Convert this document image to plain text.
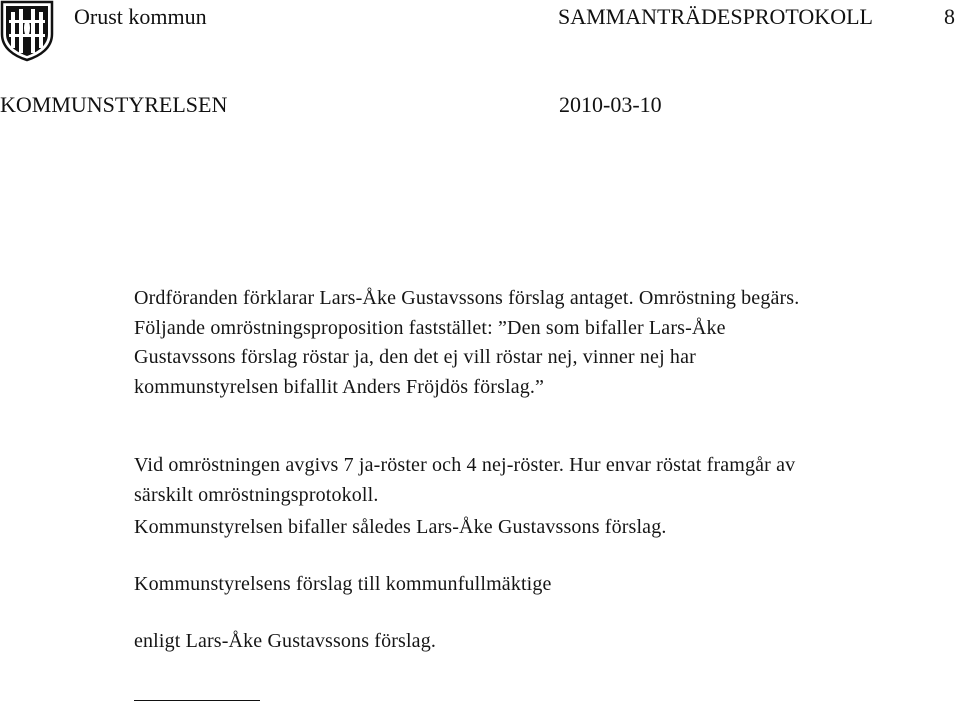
Orust kommun	SAMMANTRÄDESPROTOKOLL	8
KOMMUNSTYRELSEN	2010-03-10
Ordföranden förklarar Lars-Åke Gustavssons förslag antaget. Omröstning begärs.
Följande omröstningsproposition faststället: ”Den som bifaller Lars-Åke
Gustavssons förslag röstar ja, den det ej vill röstar nej, vinner nej har
kommunstyrelsen bifallit Anders Fröjdös förslag.”
Vid omröstningen avgivs 7 ja-röster och 4 nej-röster. Hur envar röstat framgår av
särskilt omröstningsprotokoll.
Kommunstyrelsen bifaller således Lars-Åke Gustavssons förslag.
Kommunstyrelsens förslag till kommunfullmäktige
enligt Lars-Åke Gustavssons förslag.
